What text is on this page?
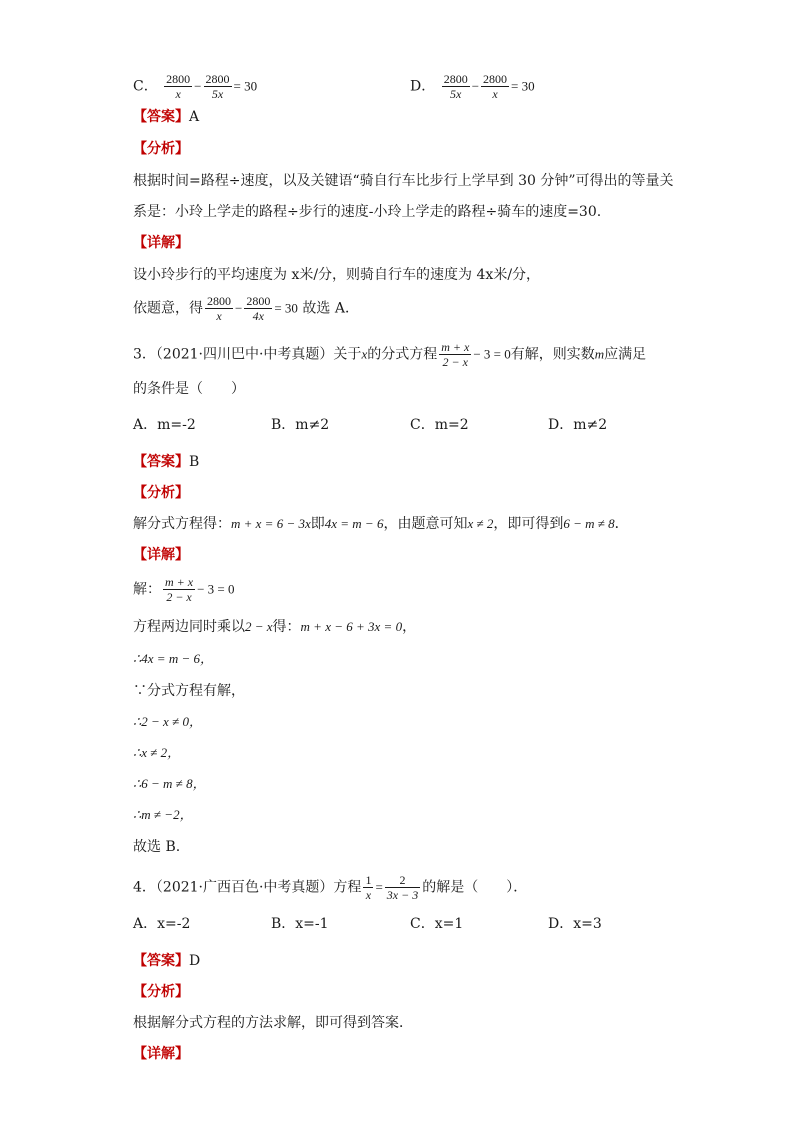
C． $\frac{2800}{x} - \frac{2800}{5x} = 30$	D． $\frac{2800}{5x} - \frac{2800}{x} = 30$
【答案】A
【分析】
根据时间=路程÷速度，以及关键语“骑自行车比步行上学早到 30 分钟”可得出的等量关
系是：小玲上学走的路程÷步行的速度-小玲上学走的路程÷骑车的速度=30.
【详解】
设小玲步行的平均速度为 x米/分，则骑自行车的速度为 4x米/分，
依题意，得 $\frac{2800}{x} - \frac{2800}{4x} = 30$ 故选 A．
3．（2021·四川巴中·中考真题）关于x的分式方程 $\frac{m + x}{2 - x} - 3 = 0$有解，则实数m应满足
的条件是（　　）
A．m=-2	B．m≠2	C．m=2	D．m≠2
【答案】B
【分析】
解分式方程得：m + x = 6 − 3x即4x = m − 6，由题意可知x ≠ 2，即可得到6 − m ≠ 8．
【详解】
解： $\frac{m + x}{2 - x} - 3 = 0$
方程两边同时乘以2 − x得：m + x − 6 + 3x = 0，
∴4x = m − 6，
∵分式方程有解，
∴2 − x ≠ 0，
∴x ≠ 2，
∴6 − m ≠ 8，
∴m ≠ −2，
故选 B.
4．（2021·广西百色·中考真题）方程 $\frac{1}{x} = \frac{2}{3x - 3}$ 的解是（　　）．
A．x=-2	B．x=-1	C．x=1	D．x=3
【答案】D
【分析】
根据解分式方程的方法求解，即可得到答案．
【详解】
